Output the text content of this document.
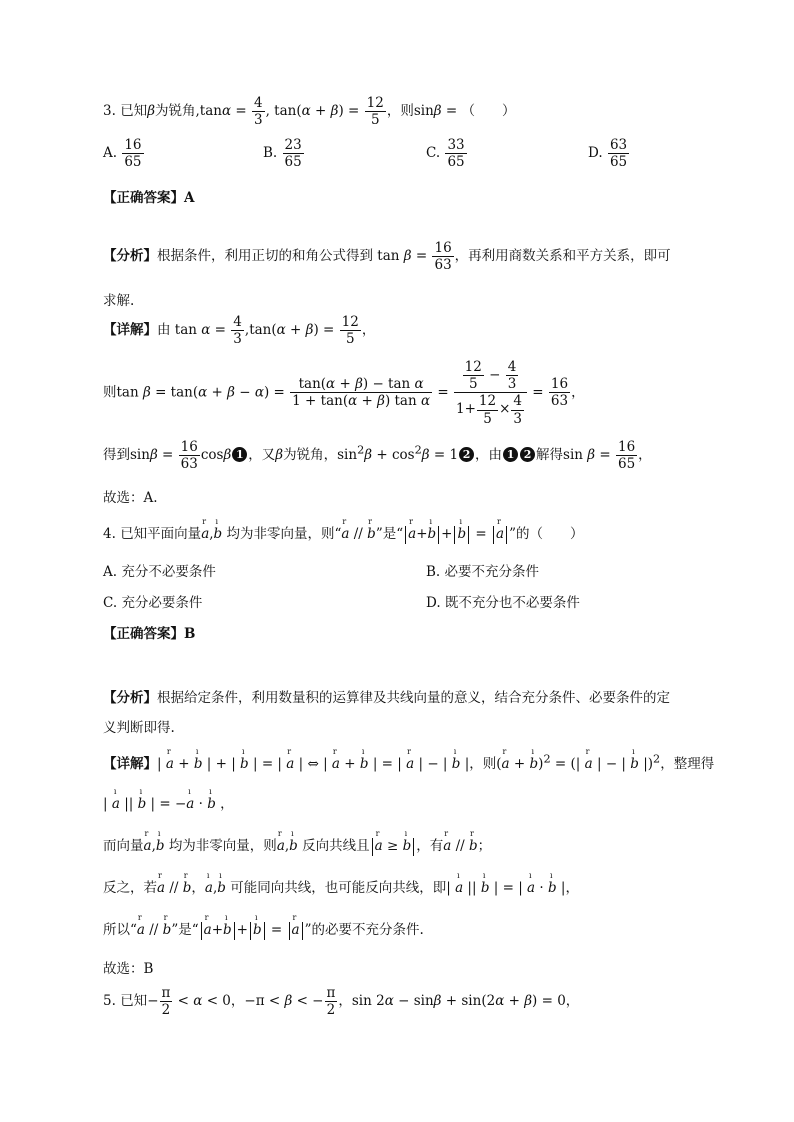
3. 已知β为锐角$,\tan\alpha = \frac{4}{3}$ , $\tan(\alpha + \beta) = \frac{12}{5}$ ，则sinβ = （　　）
A. $\frac{16}{65}$	B. $\frac{23}{65}$	C. $\frac{33}{65}$	D. $\frac{63}{65}$
【正确答案】A
【分析】根据条件，利用正切的和角公式得到 $\tan \beta = \frac{16}{63}$ ，再利用商数关系和平方关系，即可
求解.
【详解】由 $\tan \alpha = \frac{4}{3} ,\tan(\alpha + \beta) = \frac{12}{5}$ ，
则$\tan \beta = \tan(\alpha + \beta - \alpha) = \frac{\text{tan(α + β) − tan α}}{\text{1 + tan(α + β) tan α}} = \frac{\frac{12}{5} - \frac{4}{3}}{1+ \frac{12}{5} \times \frac{4}{3}} = \frac{16}{63}$ ，
得到$\sin\beta = \frac{16}{63}$ cosβ 1 ，又β为锐角，$\sin^2\beta + \cos^2\beta = 1$ 2 ，由 1 2 解得$\sin \beta = \frac{16}{65}$ ，
故选：A.
4. 已知平面向量r a,ı b 均为非零向量，则“r a // r b”是“ r a+ı b + ı b = r a ”的（　　）
A. 充分不必要条件	B. 必要不充分条件
C. 充分必要条件	D. 既不充分也不必要条件
【正确答案】B
【分析】根据给定条件，利用数量积的运算律及共线向量的意义，结合充分条件、必要条件的定
义判断即得.
【详解】| r a + ı b | + | ı b | = | r a | ⇔ | r a + ı b | = | r a | − | ı b |，则(r a + ı b)$^2$ = (| r a | − | ı b |)$^2$，整理得
| ı a || ı b | = −ı a · ı b ，
而向量r a,ı b 均为非零向量，则r a,ı b 反向共线且 r a ≥ ı b ，有r a // r b；
反之，若r a // r b，ı a,ı b 可能同向共线，也可能反向共线，即| ı a || ı b | = | ı a · ı b |，
所以“r a // r b”是“ r a+ı b + ı b = r a ”的必要不充分条件.
故选：B
5. 已知− $\frac{\pi}{2} < \alpha < 0$，−π < β < − $\frac{\pi}{2}$ ，sin 2α − sinβ + sin(2α + β) = 0，
